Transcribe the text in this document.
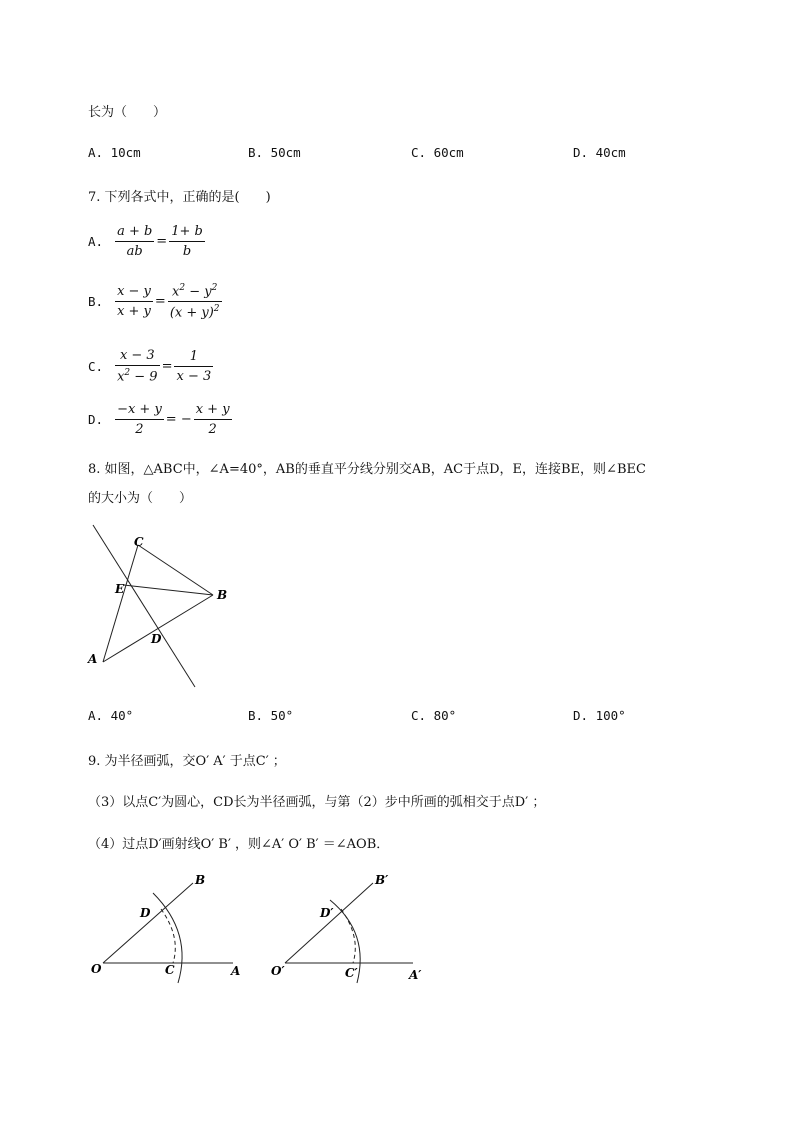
长为（　　）
A. 10cm	B. 50cm	C. 60cm	D. 40cm
7. 下列各式中，正确的是(　　)
A. $\frac{a + b}{ab} = \frac{1+ b}{b}$
B. $\frac{x - y}{x + y} = \frac{x^2 - y^2}{(x + y)^2}$
C. $\frac{x - 3}{x^2 - 9} = \frac{1}{x - 3}$
D. $\frac{-x + y}{2}$ = − $\frac{x + y}{2}$
8. 如图，△ABC中，∠A=40°，AB的垂直平分线分别交AB，AC于点D，E，连接BE，则∠BEC
的大小为（　　）
C
E	B
D
A
A. 40°	B. 50°	C. 80°	D. 100°
9. 为半径画弧，交O′ A′ 于点C′ ；
（3）以点C′为圆心，CD长为半径画弧，与第（2）步中所画的弧相交于点D′ ；
（4）过点D′画射线O′ B′ ，则∠A′ O′ B′ ＝∠AOB．
O
B
D
C	A	O′
B′
D′
C′	A′
